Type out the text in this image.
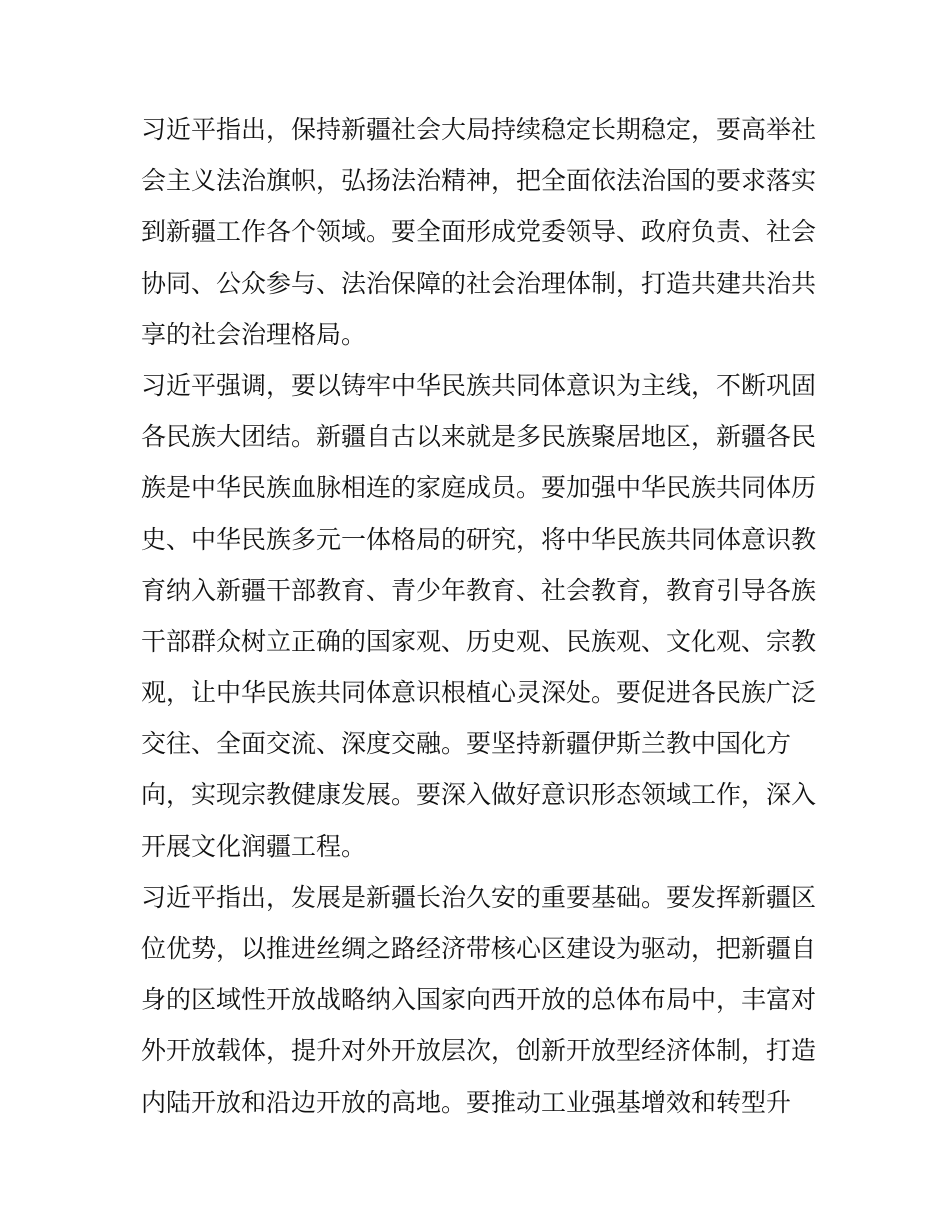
习近平指出，保持新疆社会大局持续稳定长期稳定，要高举社
会主义法治旗帜，弘扬法治精神，把全面依法治国的要求落实
到新疆工作各个领域。要全面形成党委领导、政府负责、社会
协同、公众参与、法治保障的社会治理体制，打造共建共治共
享的社会治理格局。

习近平强调，要以铸牢中华民族共同体意识为主线，不断巩固
各民族大团结。新疆自古以来就是多民族聚居地区，新疆各民
族是中华民族血脉相连的家庭成员。要加强中华民族共同体历
史、中华民族多元一体格局的研究，将中华民族共同体意识教
育纳入新疆干部教育、青少年教育、社会教育，教育引导各族
干部群众树立正确的国家观、历史观、民族观、文化观、宗教
观，让中华民族共同体意识根植心灵深处。要促进各民族广泛
交往、全面交流、深度交融。要坚持新疆伊斯兰教中国化方
向，实现宗教健康发展。要深入做好意识形态领域工作，深入
开展文化润疆工程。

习近平指出，发展是新疆长治久安的重要基础。要发挥新疆区
位优势，以推进丝绸之路经济带核心区建设为驱动，把新疆自
身的区域性开放战略纳入国家向西开放的总体布局中，丰富对
外开放载体，提升对外开放层次，创新开放型经济体制，打造
内陆开放和沿边开放的高地。要推动工业强基增效和转型升
